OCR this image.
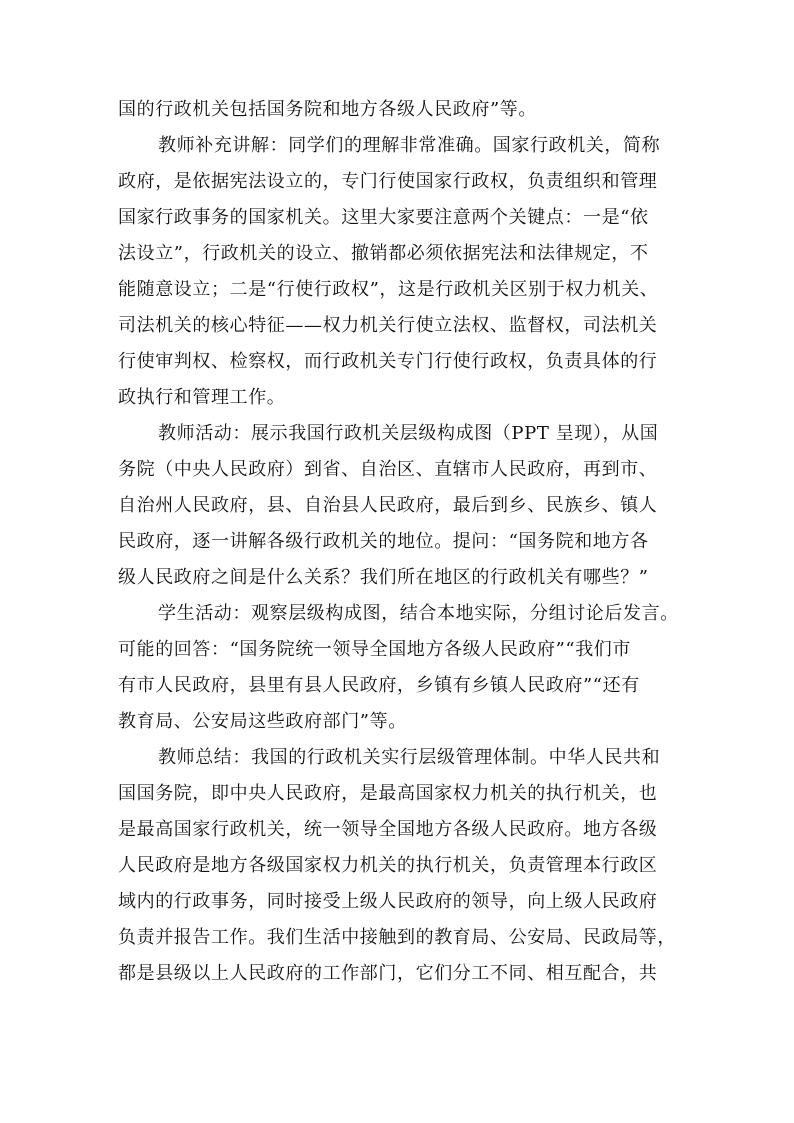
国的行政机关包括国务院和地方各级人民政府”等。
教师补充讲解：同学们的理解非常准确。国家行政机关，简称
政府，是依据宪法设立的，专门行使国家行政权，负责组织和管理
国家行政事务的国家机关。这里大家要注意两个关键点：一是“依
法设立”，行政机关的设立、撤销都必须依据宪法和法律规定，不
能随意设立；二是“行使行政权”，这是行政机关区别于权力机关、
司法机关的核心特征——权力机关行使立法权、监督权，司法机关
行使审判权、检察权，而行政机关专门行使行政权，负责具体的行
政执行和管理工作。
教师活动：展示我国行政机关层级构成图（PPT 呈现），从国
务院（中央人民政府）到省、自治区、直辖市人民政府，再到市、
自治州人民政府，县、自治县人民政府，最后到乡、民族乡、镇人
民政府，逐一讲解各级行政机关的地位。提问：“国务院和地方各
级人民政府之间是什么关系？我们所在地区的行政机关有哪些？”
学生活动：观察层级构成图，结合本地实际，分组讨论后发言。
可能的回答：“国务院统一领导全国地方各级人民政府”“我们市
有市人民政府，县里有县人民政府，乡镇有乡镇人民政府”“还有
教育局、公安局这些政府部门”等。
教师总结：我国的行政机关实行层级管理体制。中华人民共和
国国务院，即中央人民政府，是最高国家权力机关的执行机关，也
是最高国家行政机关，统一领导全国地方各级人民政府。地方各级
人民政府是地方各级国家权力机关的执行机关，负责管理本行政区
域内的行政事务，同时接受上级人民政府的领导，向上级人民政府
负责并报告工作。我们生活中接触到的教育局、公安局、民政局等，
都是县级以上人民政府的工作部门，它们分工不同、相互配合，共
